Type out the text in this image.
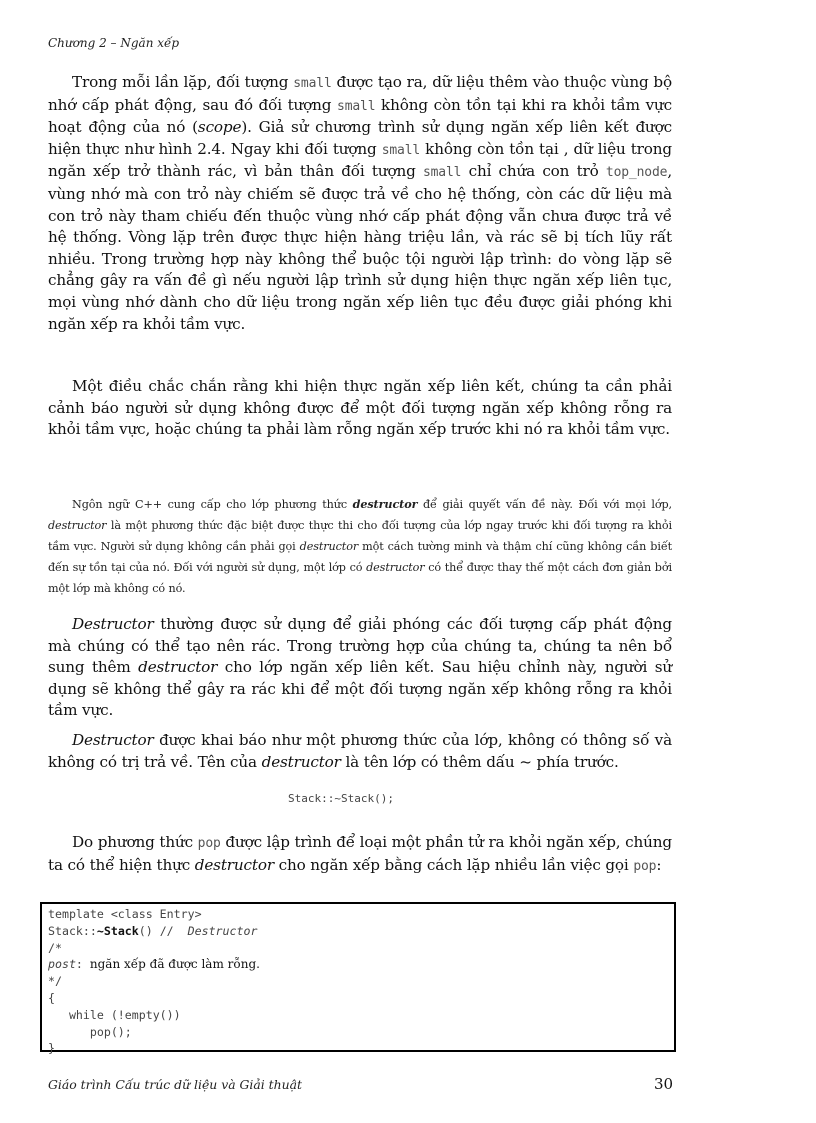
Chương 2 – Ngăn xếp

Trong mỗi lần lặp, đối tượng small được tạo ra, dữ liệu thêm vào thuộc vùng bộ nhớ cấp phát động, sau đó đối tượng small không còn tồn tại khi ra khỏi tầm vực hoạt động của nó (scope). Giả sử chương trình sử dụng ngăn xếp liên kết được hiện thực như hình 2.4. Ngay khi đối tượng small không còn tồn tại , dữ liệu trong ngăn xếp trở thành rác, vì bản thân đối tượng small chỉ chứa con trỏ top_node, vùng nhớ mà con trỏ này chiếm sẽ được trả về cho hệ thống, còn các dữ liệu mà con trỏ này tham chiếu đến thuộc vùng nhớ cấp phát động vẫn chưa được trả về hệ thống. Vòng lặp trên được thực hiện hàng triệu lần, và rác sẽ bị tích lũy rất nhiều. Trong trường hợp này không thể buộc tội người lập trình: do vòng lặp sẽ chẳng gây ra vấn đề gì nếu người lập trình sử dụng hiện thực ngăn xếp liên tục, mọi vùng nhớ dành cho dữ liệu trong ngăn xếp liên tục đều được giải phóng khi ngăn xếp ra khỏi tầm vực.

Một điều chắc chắn rằng khi hiện thực ngăn xếp liên kết, chúng ta cần phải cảnh báo người sử dụng không được để một đối tượng ngăn xếp không rỗng ra khỏi tầm vực, hoặc chúng ta phải làm rỗng ngăn xếp trước khi nó ra khỏi tầm vực.

Ngôn ngữ C++ cung cấp cho lớp phương thức destructor để giải quyết vấn đề này. Đối với mọi lớp, destructor là một phương thức đặc biệt được thực thi cho đối tượng của lớp ngay trước khi đối tượng ra khỏi tầm vực. Người sử dụng không cần phải gọi destructor một cách tường minh và thậm chí cũng không cần biết đến sự tồn tại của nó. Đối với người sử dụng, một lớp có destructor có thể được thay thế một cách đơn giản bởi một lớp mà không có nó.

Destructor thường được sử dụng để giải phóng các đối tượng cấp phát động mà chúng có thể tạo nên rác. Trong trường hợp của chúng ta, chúng ta nên bổ sung thêm destructor cho lớp ngăn xếp liên kết. Sau hiệu chỉnh này, người sử dụng sẽ không thể gây ra rác khi để một đối tượng ngăn xếp không rỗng ra khỏi tầm vực.

Destructor được khai báo như một phương thức của lớp, không có thông số và không có trị trả về. Tên của destructor là tên lớp có thêm dấu ~ phía trước.

Stack::~Stack();

Do phương thức pop được lập trình để loại một phần tử ra khỏi ngăn xếp, chúng ta có thể hiện thực destructor cho ngăn xếp bằng cách lặp nhiều lần việc gọi pop:

template <class Entry>
Stack::~Stack() //  Destructor
/*
post: ngăn xếp đã được làm rỗng.
*/
{
while (!empty())
pop();
}
Giáo trình Cấu trúc dữ liệu và Giải thuật	30
